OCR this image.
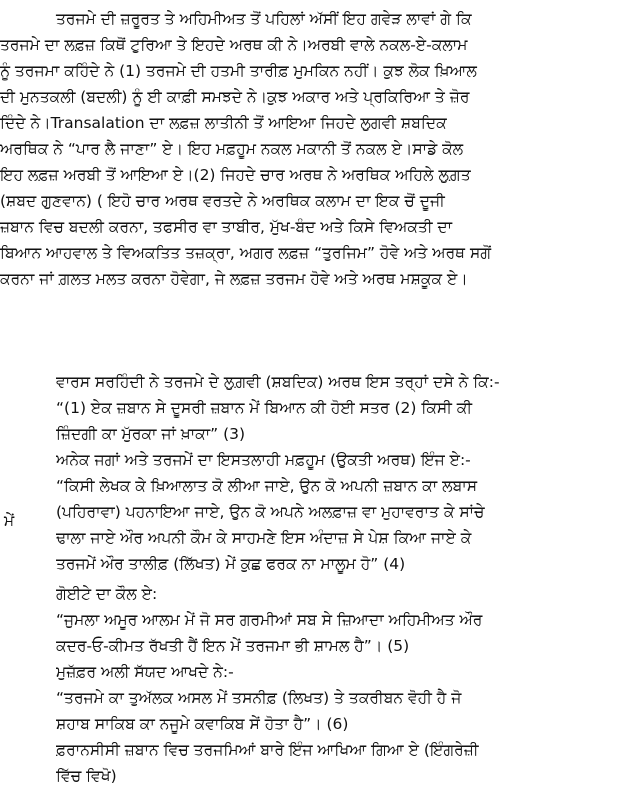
ਤਰਜਮੇ ਦੀ ਜ਼ਰੂਰਤ ਤੇ ਅਹਿਮੀਅਤ ਤੋਂ ਪਹਿਲਾਂ ਅੱਸੀਂ ਇਹ ਗਵੇੜ ਲਾਵਾਂ ਗੇ ਕਿ
ਤਰਜਮੇ ਦਾ ਲਫ਼ਜ਼ ਕਿਥੋਂ ਟੁਰਿਆ ਤੇ ਇਹਦੇ ਅਰਥ ਕੀ ਨੇ।ਅਰਬੀ ਵਾਲੇ ਨਕਲ-ਏ-ਕਲਾਮ
ਨੂੰ ਤਰਜਮਾ ਕਹਿੰਦੇ ਨੇ (1) ਤਰਜਮੇ ਦੀ ਹਤਮੀ ਤਾਰੀਫ਼ ਮੁਮਕਿਨ ਨਹੀਂ। ਕੁਝ ਲੋਕ ਖ਼ਿਆਲ
ਦੀ ਮੁਨਤਕਲੀ (ਬਦਲੀ) ਨੂੰ ਈ ਕਾਫ਼ੀ ਸਮਝਦੇ ਨੇ।ਕੁਝ ਅਕਾਰ ਅਤੇ ਪ੍ਰਕਿਰਿਆ ਤੇ ਜ਼ੋਰ
ਦਿੰਦੇ ਨੇ।Transalation ਦਾ ਲਫ਼ਜ਼ ਲਾਤੀਨੀ ਤੋਂ ਆਇਆ ਜਿਹਦੇ ਲੁਗਵੀ ਸ਼ਬਦਿਕ
ਅਰਥਿਕ ਨੇ “ਪਾਰ ਲੈ ਜਾਣਾ” ਏ। ਇਹ ਮਫ਼ਹੂਮ ਨਕਲ ਮਕਾਨੀ ਤੋਂ ਨਕਲ ਏ।ਸਾਡੇ ਕੋਲ
ਇਹ ਲਫ਼ਜ਼ ਅਰਬੀ ਤੋਂ ਆਇਆ ਏ।(2) ਜਿਹਦੇ ਚਾਰ ਅਰਥ ਨੇ ਅਰਥਿਕ ਅਹਿਲੇ ਲੁਗ਼ਤ
(ਸ਼ਬਦ ਗੁਣਵਾਨ) ( ਇਹੋ ਚਾਰ ਅਰਥ ਵਰਤਦੇ ਨੇ ਅਰਥਿਕ ਕਲਾਮ ਦਾ ਇਕ ਚੋਂ ਦੂਜੀ
ਜ਼ਬਾਨ ਵਿਚ ਬਦਲੀ ਕਰਨਾ, ਤਫਸੀਰ ਵਾ ਤਾਬੀਰ, ਮੁੱਖ-ਬੰਦ ਅਤੇ ਕਿਸੇ ਵਿਅਕਤੀ ਦਾ
ਬਿਆਨ ਆਹਵਾਲ ਤੇ ਵਿਅਕਤਿਤ ਤਜ਼ਕ੍ਰਾ, ਅਗਰ ਲਫ਼ਜ਼ “ਤੁਰਜਿਮ” ਹੋਵੇ ਅਤੇ ਅਰਥ ਸਗੋਂ
ਕਰਨਾ ਜਾਂ ਗ਼ਲਤ ਮਲਤ ਕਰਨਾ ਹੋਵੇਗਾ, ਜੇ ਲਫ਼ਜ਼ ਤਰਜਮ ਹੋਵੇ ਅਤੇ ਅਰਥ ਮਸ਼ਕੂਕ ਏ।
ਵਾਰਸ ਸਰਹਿੰਦੀ ਨੇ ਤਰਜਮੇ ਦੇ ਲੁਗ਼ਵੀ (ਸ਼ਬਦਿਕ) ਅਰਥ ਇਸ ਤਰ੍ਹਾਂ ਦਸੇ ਨੇ ਕਿ:-
“(1) ਏਕ ਜ਼ਬਾਨ ਸੇ ਦੂਸਰੀ ਜ਼ਬਾਨ ਮੇਂ ਬਿਆਨ ਕੀ ਹੋਈ ਸਤਰ (2) ਕਿਸੀ ਕੀ
ਜ਼ਿੰਦਗੀ ਕਾ ਮੁੱਰਕਾ ਜਾਂ ਖ਼ਾਕਾ” (3)
ਅਨੇਕ ਜਗਾਂ ਅਤੇ ਤਰਜਮੇਂ ਦਾ ਇਸਤਲਾਹੀ ਮਫ਼ਹੂਮ (ਉਕਤੀ ਅਰਥ) ਇੰਜ ਏ:-
“ਕਿਸੀ ਲੇਖਕ ਕੇ ਖ਼ਿਆਲਾਤ ਕੋ ਲੀਆ ਜਾਏ, ਉਨ ਕੋ ਅਪਨੀ ਜ਼ਬਾਨ ਕਾ ਲਬਾਸ
(ਪਹਿਰਾਵਾ) ਪਹਨਾਇਆ ਜਾਏ, ਉਨ ਕੋ ਅਪਨੇ ਅਲਫ਼ਾਜ਼ ਵਾ ਮੁਹਾਵਰਾਤ ਕੇ ਸਾਂਚੇ
ਢਾਲਾ ਜਾਏ ਔਰ ਅਪਨੀ ਕੌਮ ਕੇ ਸਾਹਮਣੇ ਇਸ ਅੰਦਾਜ਼ ਸੇ ਪੇਸ਼ ਕਿਆ ਜਾਏ ਕੇ
ਤਰਜਮੇਂ ਔਰ ਤਾਲੀਫ਼ (ਲਿੱਖਤ) ਮੇਂ ਕੁਛ ਫਰਕ ਨਾ ਮਾਲੂਮ ਹੋ” (4)
ਮੇਂ
ਗੋਈਟੇ ਦਾ ਕੌਲ ਏ:
“ਜੁਮਲਾ ਅਮੂਰ ਆਲਮ ਮੇਂ ਜੋ ਸਰ ਗਰਮੀਆਂ ਸਬ ਸੇ ਜ਼ਿਆਦਾ ਅਹਿਮੀਅਤ ਔਰ
ਕਦਰ-ਓ-ਕੀਮਤ ਰੱਖਤੀ ਹੈਂ ਇਨ ਮੇਂ ਤਰਜਮਾ ਭੀ ਸ਼ਾਮਲ ਹੈ”। (5)
ਮੁਜ਼ੱਫ਼ਰ ਅਲੀ ਸੱਯਦ ਆਖਦੇ ਨੇ:-
“ਤਰਜਮੇ ਕਾ ਤੁਅੱਲਕ ਅਸਲ ਮੇਂ ਤਸਨੀਫ਼ (ਲਿਖਤ) ਤੇ ਤਕਰੀਬਨ ਵੋਹੀ ਹੈ ਜੋ
ਸ਼ਹਾਬ ਸਾਕਿਬ ਕਾ ਨਜੂਮੇ ਕਵਾਕਿਬ ਸੇਂ ਹੋਤਾ ਹੈ”। (6)
ਫ਼ਰਾਨਸੀਸੀ ਜ਼ਬਾਨ ਵਿਚ ਤਰਜਮਿਆਂ ਬਾਰੇ ਇੰਜ ਆਖਿਆ ਗਿਆ ਏ (ਇੰਗਰੇਜ਼ੀ
ਵਿੱਚ ਵਿਖੋ)
